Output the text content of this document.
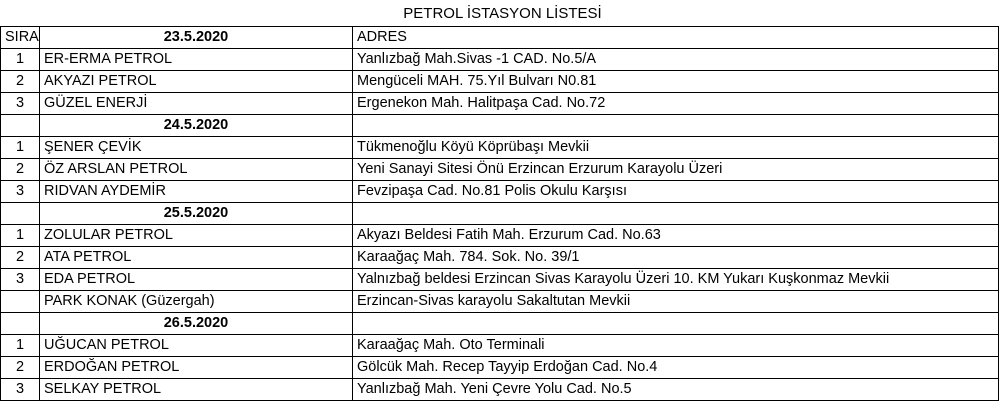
PETROL İSTASYON LİSTESİ
SIRA	23.5.2020	ADRES
1	ER-ERMA PETROL	Yanlızbağ Mah.Sivas -1 CAD. No.5/A
2	AKYAZI PETROL	Mengüceli MAH. 75.Yıl Bulvarı N0.81
3	GÜZEL ENERJİ	Ergenekon Mah. Halitpaşa Cad. No.72
	24.5.2020	
1	ŞENER ÇEVİK	Tükmenoğlu Köyü Köprübaşı Mevkii
2	ÖZ ARSLAN PETROL	Yeni Sanayi Sitesi Önü Erzincan Erzurum Karayolu Üzeri
3	RIDVAN AYDEMİR	Fevzipaşa Cad. No.81 Polis Okulu Karşısı
	25.5.2020	
1	ZOLULAR PETROL	Akyazı Beldesi Fatih Mah. Erzurum Cad. No.63
2	ATA PETROL	Karaağaç Mah. 784. Sok. No. 39/1
3	EDA PETROL	Yalnızbağ beldesi Erzincan Sivas Karayolu Üzeri 10. KM Yukarı Kuşkonmaz Mevkii
	PARK KONAK (Güzergah)	Erzincan-Sivas karayolu Sakaltutan Mevkii
	26.5.2020	
1	UĞUCAN PETROL	Karaağaç Mah. Oto Terminali
2	ERDOĞAN PETROL	Gölcük Mah. Recep Tayyip Erdoğan Cad. No.4
3	SELKAY PETROL	Yanlızbağ Mah. Yeni Çevre Yolu Cad. No.5
